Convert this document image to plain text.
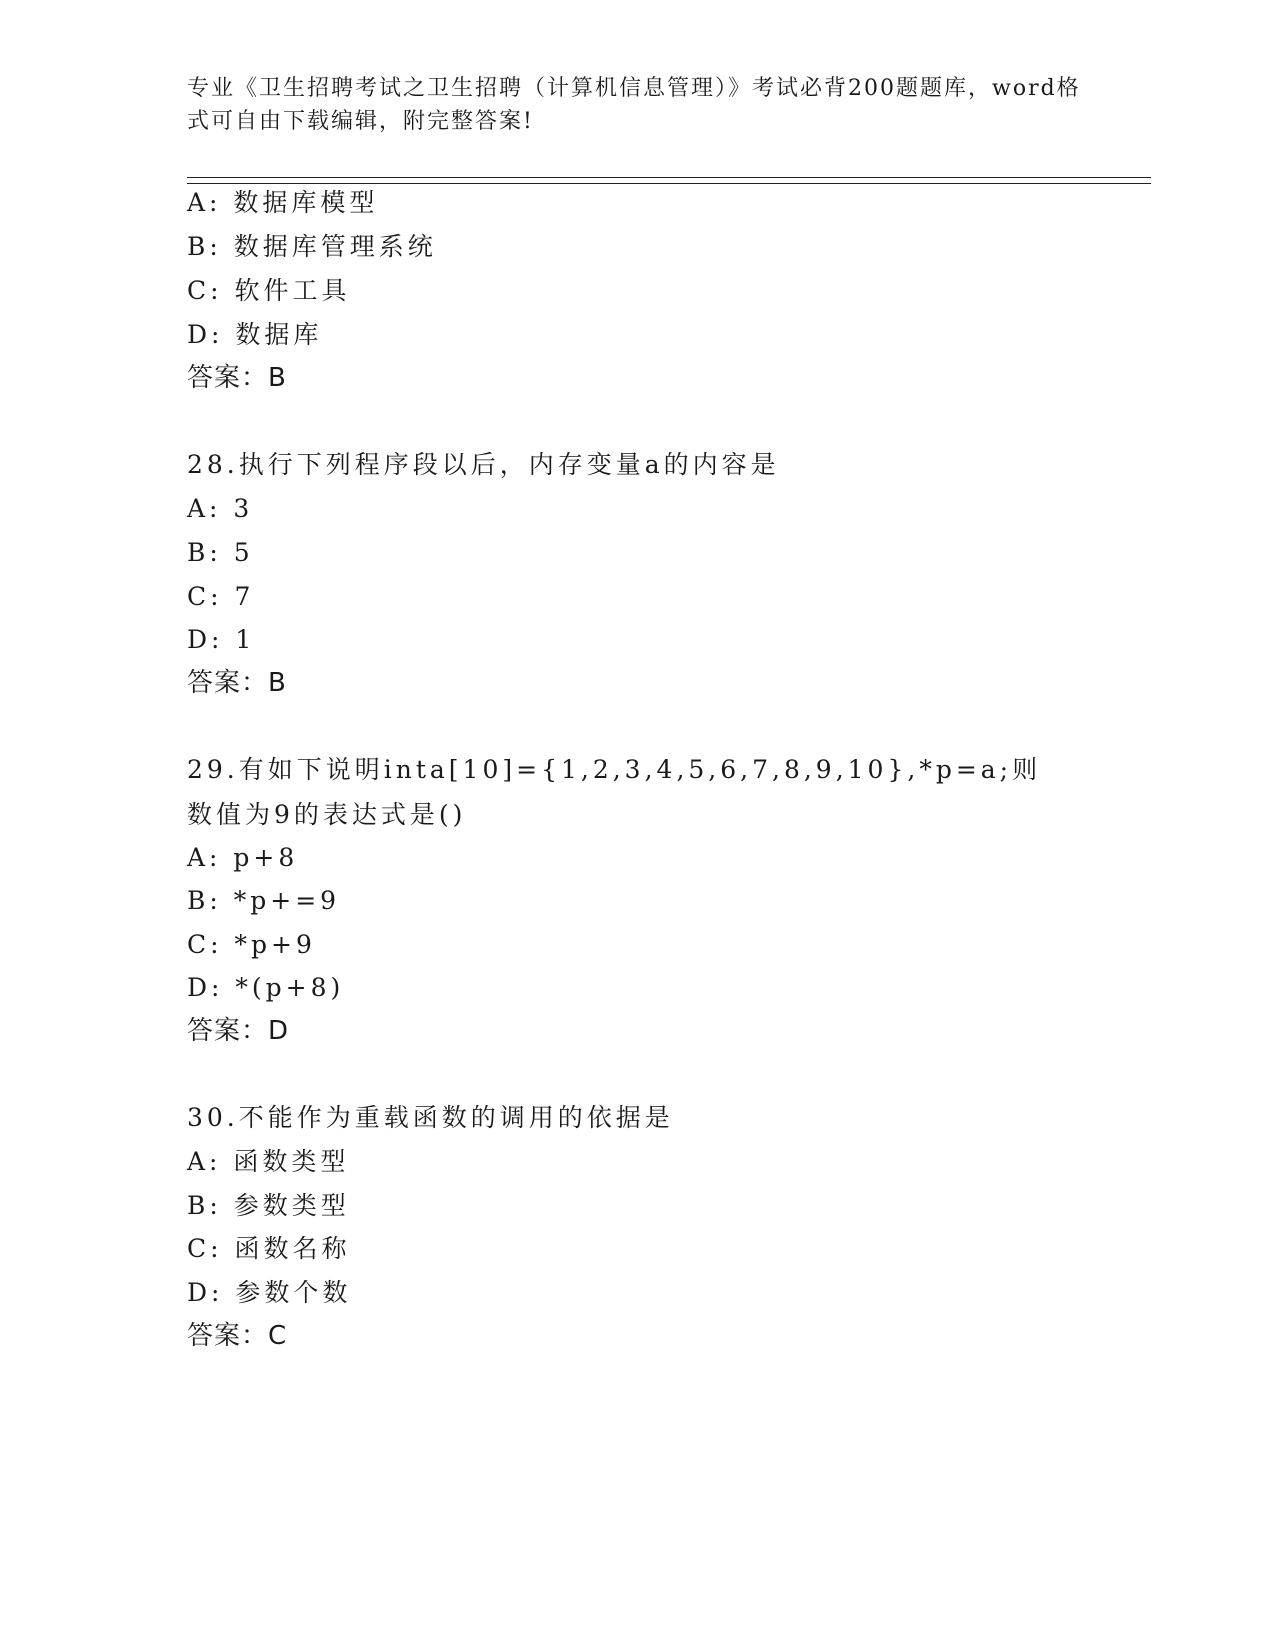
专业《卫生招聘考试之卫生招聘（计算机信息管理）》考试必背200题题库，word格式可自由下载编辑，附完整答案!
A: 数据库模型
B: 数据库管理系统
C: 软件工具
D: 数据库
答案：B
28.执行下列程序段以后，内存变量a的内容是
A: 3
B: 5
C: 7
D: 1
答案：B
29.有如下说明inta[10]={1,2,3,4,5,6,7,8,9,10},*p=a;则数值为9的表达式是()
A: p+8
B: *p+=9
C: *p+9
D: *(p+8)
答案：D
30.不能作为重载函数的调用的依据是
A: 函数类型
B: 参数类型
C: 函数名称
D: 参数个数
答案：C
